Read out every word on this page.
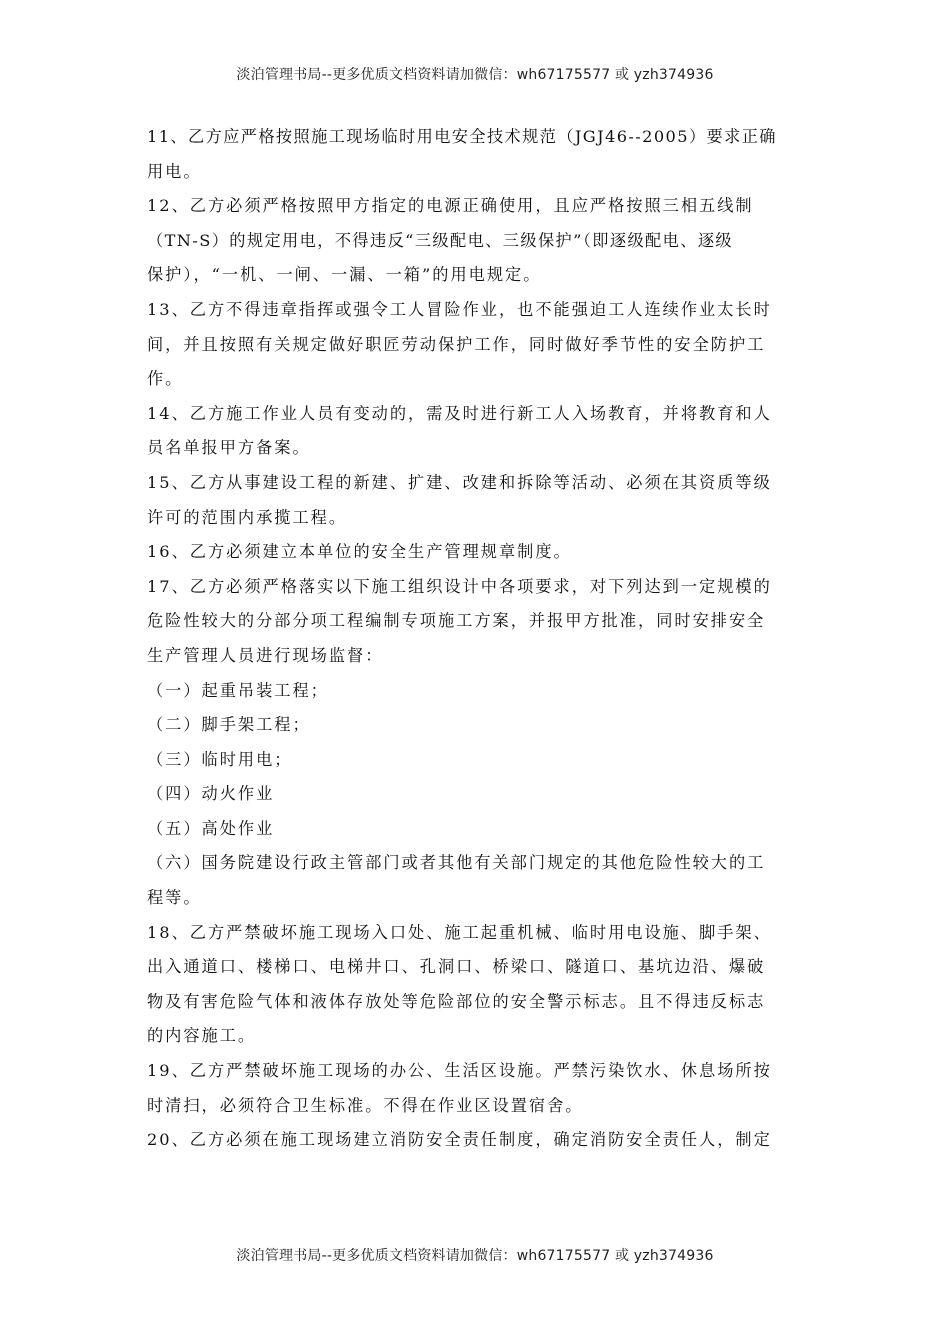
淡泊管理书局--更多优质文档资料请加微信：wh67175577 或 yzh374936
11、乙方应严格按照施工现场临时用电安全技术规范（JGJ46--2005）要求正确
用电。
12、乙方必须严格按照甲方指定的电源正确使用，且应严格按照三相五线制
（TN-S）的规定用电，不得违反“三级配电、三级保护”（即逐级配电、逐级
保护），“一机、一闸、一漏、一箱”的用电规定。
13、乙方不得违章指挥或强令工人冒险作业，也不能强迫工人连续作业太长时
间，并且按照有关规定做好职匠劳动保护工作，同时做好季节性的安全防护工
作。
14、乙方施工作业人员有变动的，需及时进行新工人入场教育，并将教育和人
员名单报甲方备案。
15、乙方从事建设工程的新建、扩建、改建和拆除等活动、必须在其资质等级
许可的范围内承揽工程。
16、乙方必须建立本单位的安全生产管理规章制度。
17、乙方必须严格落实以下施工组织设计中各项要求，对下列达到一定规模的
危险性较大的分部分项工程编制专项施工方案，并报甲方批准，同时安排安全
生产管理人员进行现场监督：
（一）起重吊装工程；
（二）脚手架工程；
（三）临时用电；
（四）动火作业
（五）高处作业
（六）国务院建设行政主管部门或者其他有关部门规定的其他危险性较大的工
程等。
18、乙方严禁破坏施工现场入口处、施工起重机械、临时用电设施、脚手架、
出入通道口、楼梯口、电梯井口、孔洞口、桥梁口、隧道口、基坑边沿、爆破
物及有害危险气体和液体存放处等危险部位的安全警示标志。且不得违反标志
的内容施工。
19、乙方严禁破坏施工现场的办公、生活区设施。严禁污染饮水、休息场所按
时清扫，必须符合卫生标准。不得在作业区设置宿舍。
20、乙方必须在施工现场建立消防安全责任制度，确定消防安全责任人，制定
淡泊管理书局--更多优质文档资料请加微信：wh67175577 或 yzh374936
